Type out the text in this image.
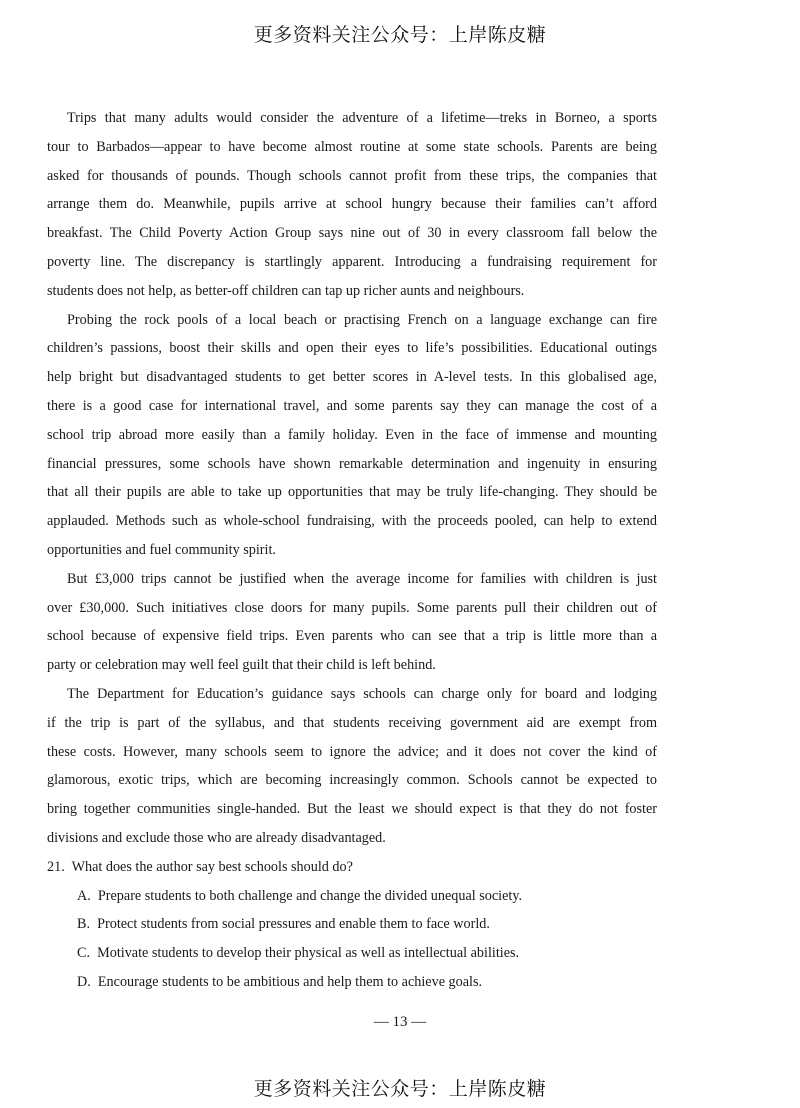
更多资料关注公众号：上岸陈皮糖
Trips that many adults would consider the adventure of a lifetime—treks in Borneo, a sports
tour to Barbados—appear to have become almost routine at some state schools. Parents are being
asked for thousands of pounds. Though schools cannot profit from these trips, the companies that
arrange them do. Meanwhile, pupils arrive at school hungry because their families can’t afford
breakfast. The Child Poverty Action Group says nine out of 30 in every classroom fall below the
poverty line. The discrepancy is startlingly apparent. Introducing a fundraising requirement for
students does not help, as better-off children can tap up richer aunts and neighbours.
Probing the rock pools of a local beach or practising French on a language exchange can fire
children’s passions, boost their skills and open their eyes to life’s possibilities. Educational outings
help bright but disadvantaged students to get better scores in A-level tests. In this globalised age,
there is a good case for international travel, and some parents say they can manage the cost of a
school trip abroad more easily than a family holiday. Even in the face of immense and mounting
financial pressures, some schools have shown remarkable determination and ingenuity in ensuring
that all their pupils are able to take up opportunities that may be truly life-changing. They should be
applauded. Methods such as whole-school fundraising, with the proceeds pooled, can help to extend
opportunities and fuel community spirit.
But £3,000 trips cannot be justified when the average income for families with children is just
over £30,000. Such initiatives close doors for many pupils. Some parents pull their children out of
school because of expensive field trips. Even parents who can see that a trip is little more than a
party or celebration may well feel guilt that their child is left behind.
The Department for Education’s guidance says schools can charge only for board and lodging
if the trip is part of the syllabus, and that students receiving government aid are exempt from
these costs. However, many schools seem to ignore the advice; and it does not cover the kind of
glamorous, exotic trips, which are becoming increasingly common. Schools cannot be expected to
bring together communities single-handed. But the least we should expect is that they do not foster
divisions and exclude those who are already disadvantaged.
21. What does the author say best schools should do?
A. Prepare students to both challenge and change the divided unequal society.
B. Protect students from social pressures and enable them to face world.
C. Motivate students to develop their physical as well as intellectual abilities.
D. Encourage students to be ambitious and help them to achieve goals.
— 13 —
更多资料关注公众号：上岸陈皮糖
